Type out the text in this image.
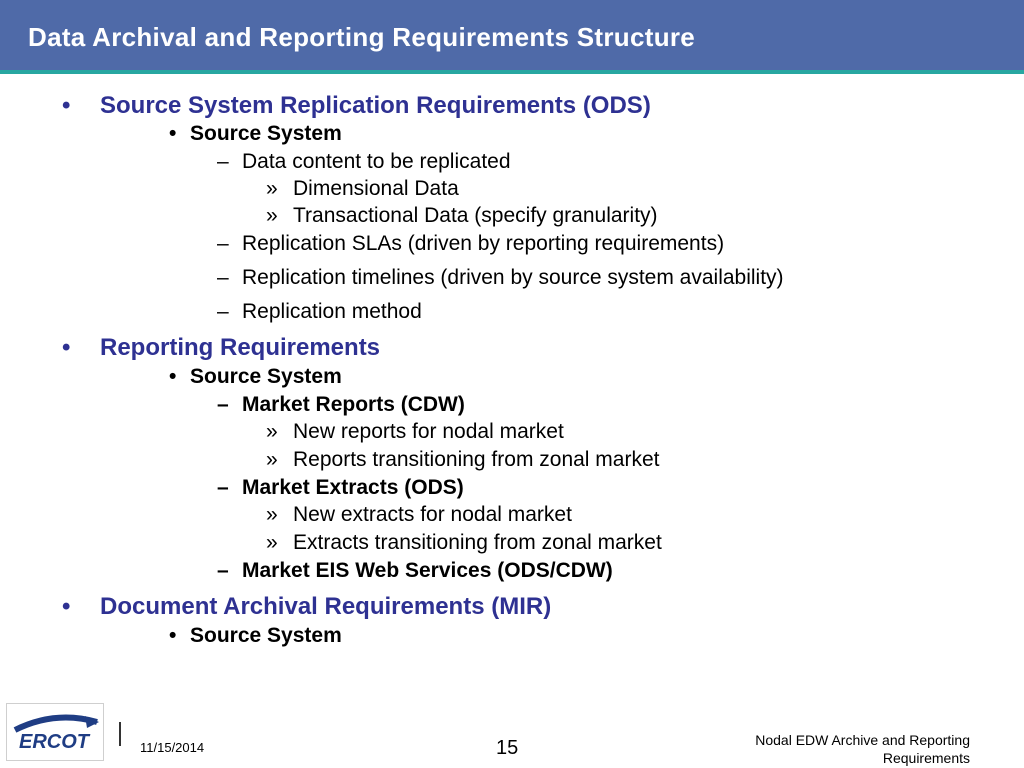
Data Archival and Reporting Requirements Structure
• Source System Replication Requirements (ODS)
• Source System
– Data content to be replicated
» Dimensional Data
» Transactional Data (specify granularity)
– Replication SLAs (driven by reporting requirements)
– Replication timelines (driven by source system availability)
– Replication method
• Reporting Requirements
• Source System
– Market Reports (CDW)
» New reports for nodal market
» Reports transitioning from zonal market
– Market Extracts (ODS)
» New extracts for nodal market
» Extracts transitioning from zonal market
– Market EIS Web Services (ODS/CDW)
• Document Archival Requirements (MIR)
• Source System
ERCOT	11/15/2014	15	Nodal EDW Archive and Reporting
Requirements
